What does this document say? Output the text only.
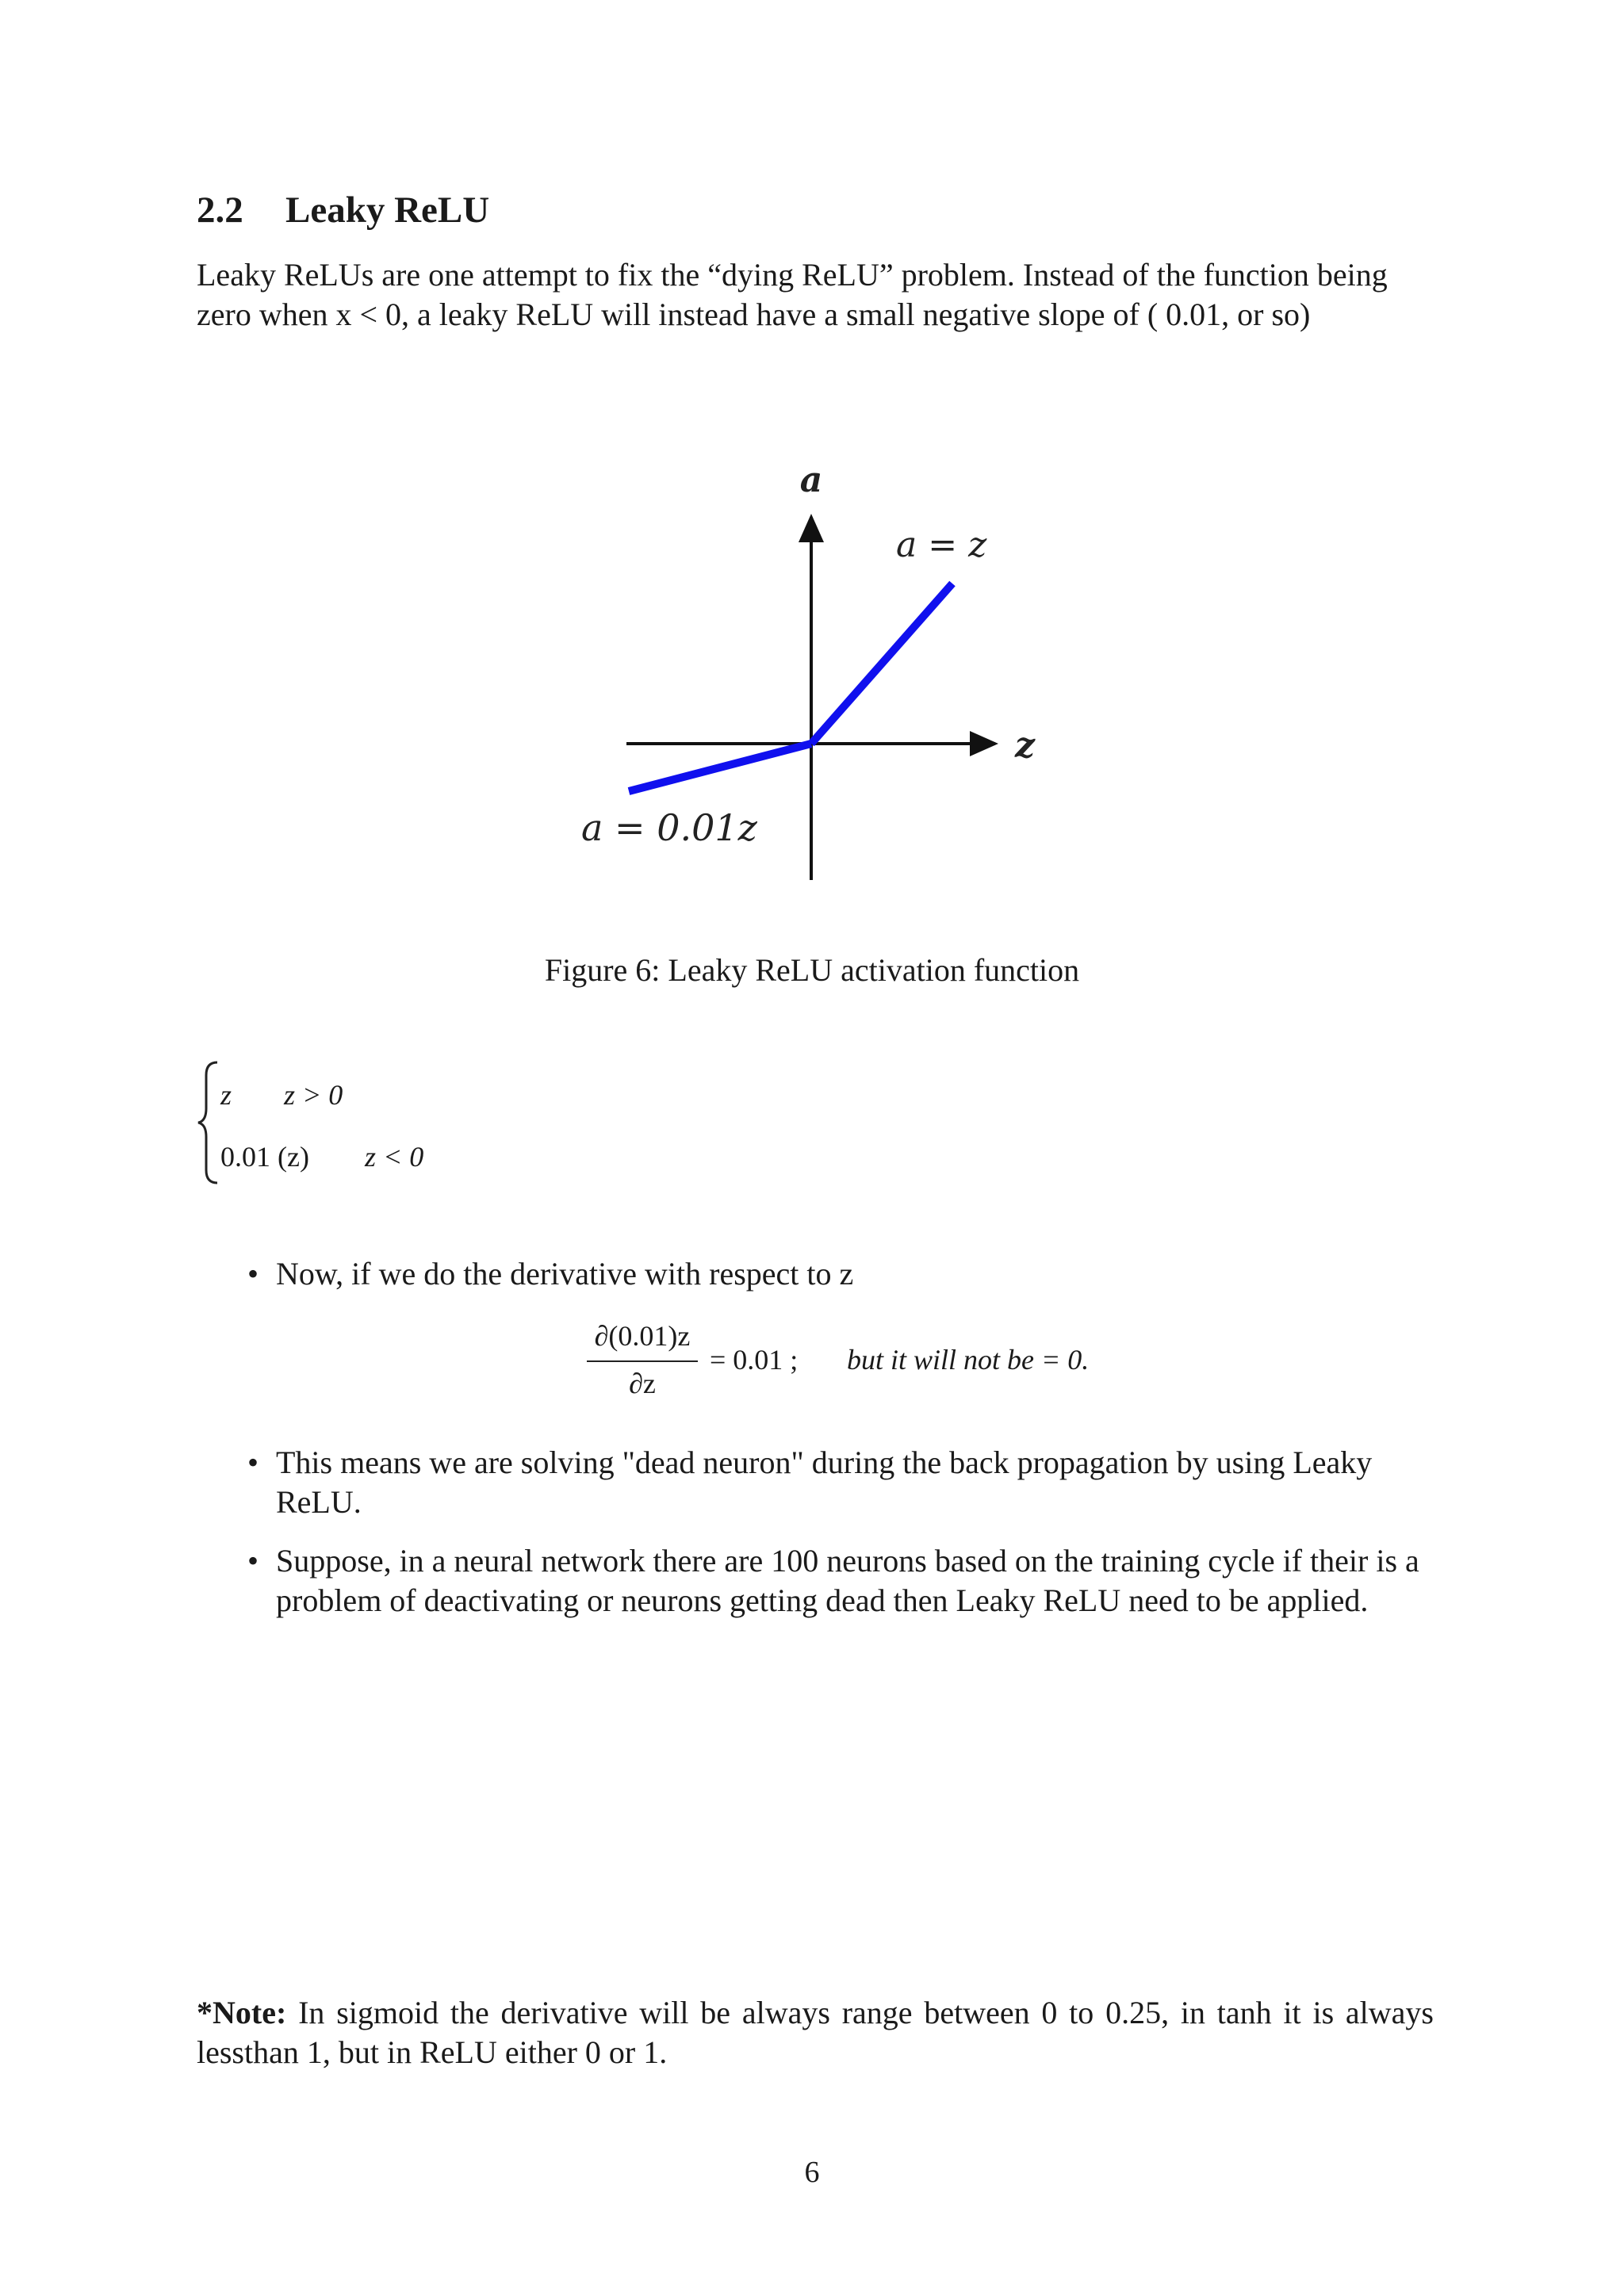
2.2 Leaky ReLU
Leaky ReLUs are one attempt to fix the “dying ReLU” problem. Instead of the function being zero when x < 0, a leaky ReLU will instead have a small negative slope of ( 0.01, or so)
a
z
a = z
a = 0.01z
Figure 6: Leaky ReLU activation function
z z > 0
0.01 (z) z < 0
• Now, if we do the derivative with respect to z
∂(0.01)z
∂z
= 0.01 ; but it will not be = 0.
• This means we are solving "dead neuron" during the back propagation by using Leaky ReLU.
• Suppose, in a neural network there are 100 neurons based on the training cycle if their is a problem of deactivating or neurons getting dead then Leaky ReLU need to be applied.
*Note: In sigmoid the derivative will be always range between 0 to 0.25, in tanh it is always lessthan 1, but in ReLU either 0 or 1.
6
